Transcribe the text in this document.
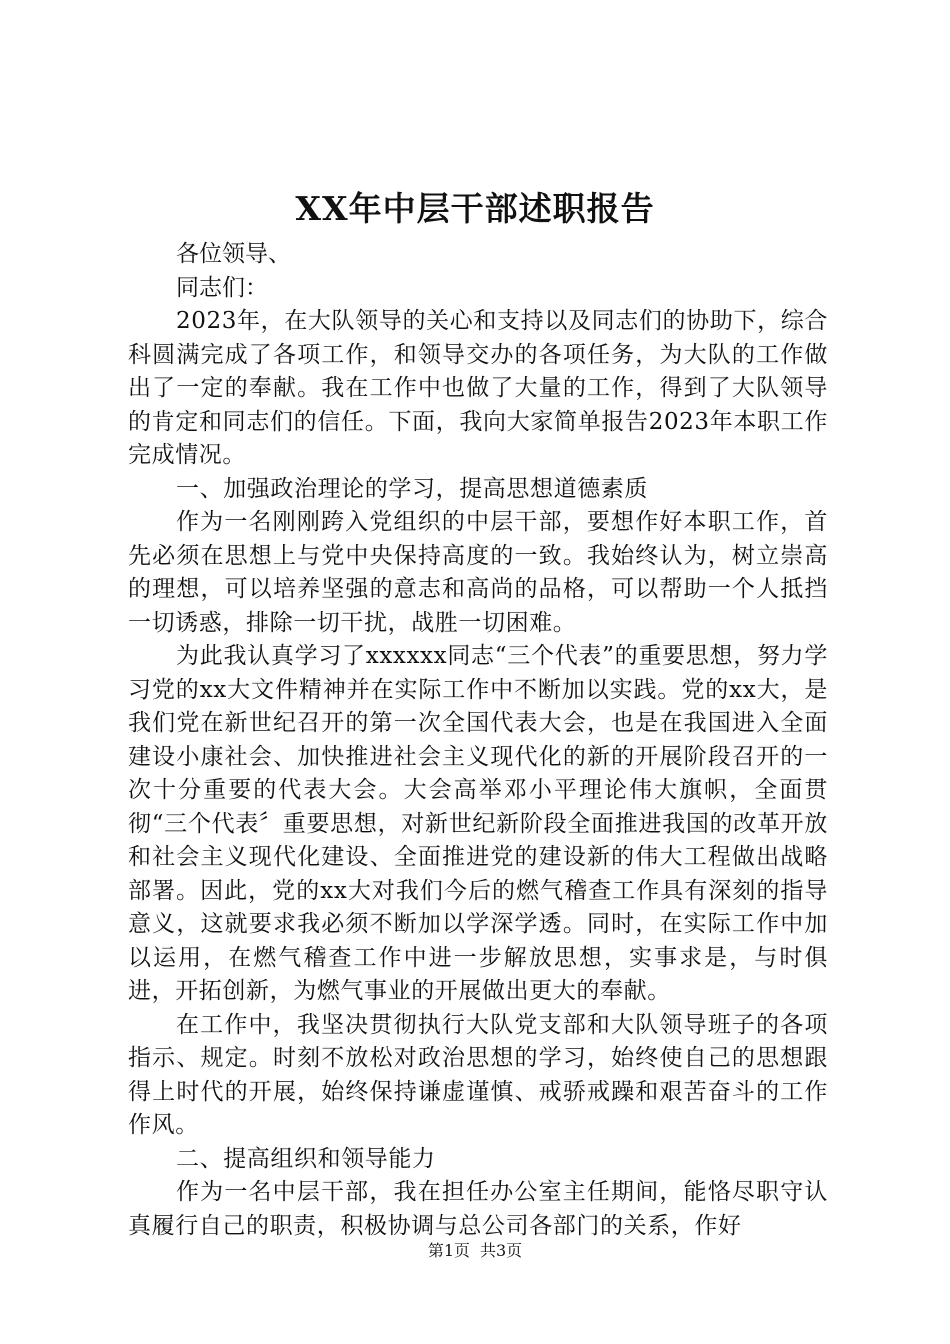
XX年中层干部述职报告

各位领导、

同志们：

2023年，在大队领导的关心和支持以及同志们的协助下，综合科圆满完成了各项工作，和领导交办的各项任务，为大队的工作做出了一定的奉献。我在工作中也做了大量的工作，得到了大队领导的肯定和同志们的信任。下面，我向大家简单报告2023年本职工作完成情况。

一、加强政治理论的学习，提高思想道德素质

作为一名刚刚跨入党组织的中层干部，要想作好本职工作，首先必须在思想上与党中央保持高度的一致。我始终认为，树立崇高的理想，可以培养坚强的意志和高尚的品格，可以帮助一个人抵挡一切诱惑，排除一切干扰，战胜一切困难。

为此我认真学习了xxxxxx同志“三个代表”的重要思想，努力学习党的xx大文件精神并在实际工作中不断加以实践。党的xx大，是我们党在新世纪召开的第一次全国代表大会，也是在我国进入全面建设小康社会、加快推进社会主义现代化的新的开展阶段召开的一次十分重要的代表大会。大会高举邓小平理论伟大旗帜，全面贯彻“三个代表〞重要思想，对新世纪新阶段全面推进我国的改革开放和社会主义现代化建设、全面推进党的建设新的伟大工程做出战略部署。因此，党的xx大对我们今后的燃气稽查工作具有深刻的指导意义，这就要求我必须不断加以学深学透。同时，在实际工作中加以运用，在燃气稽查工作中进一步解放思想，实事求是，与时俱进，开拓创新，为燃气事业的开展做出更大的奉献。

在工作中，我坚决贯彻执行大队党支部和大队领导班子的各项指示、规定。时刻不放松对政治思想的学习，始终使自己的思想跟得上时代的开展，始终保持谦虚谨慎、戒骄戒躁和艰苦奋斗的工作作风。

二、提高组织和领导能力

作为一名中层干部，我在担任办公室主任期间，能恪尽职守认真履行自己的职责，积极协调与总公司各部门的关系，作好

第1页 共3页
